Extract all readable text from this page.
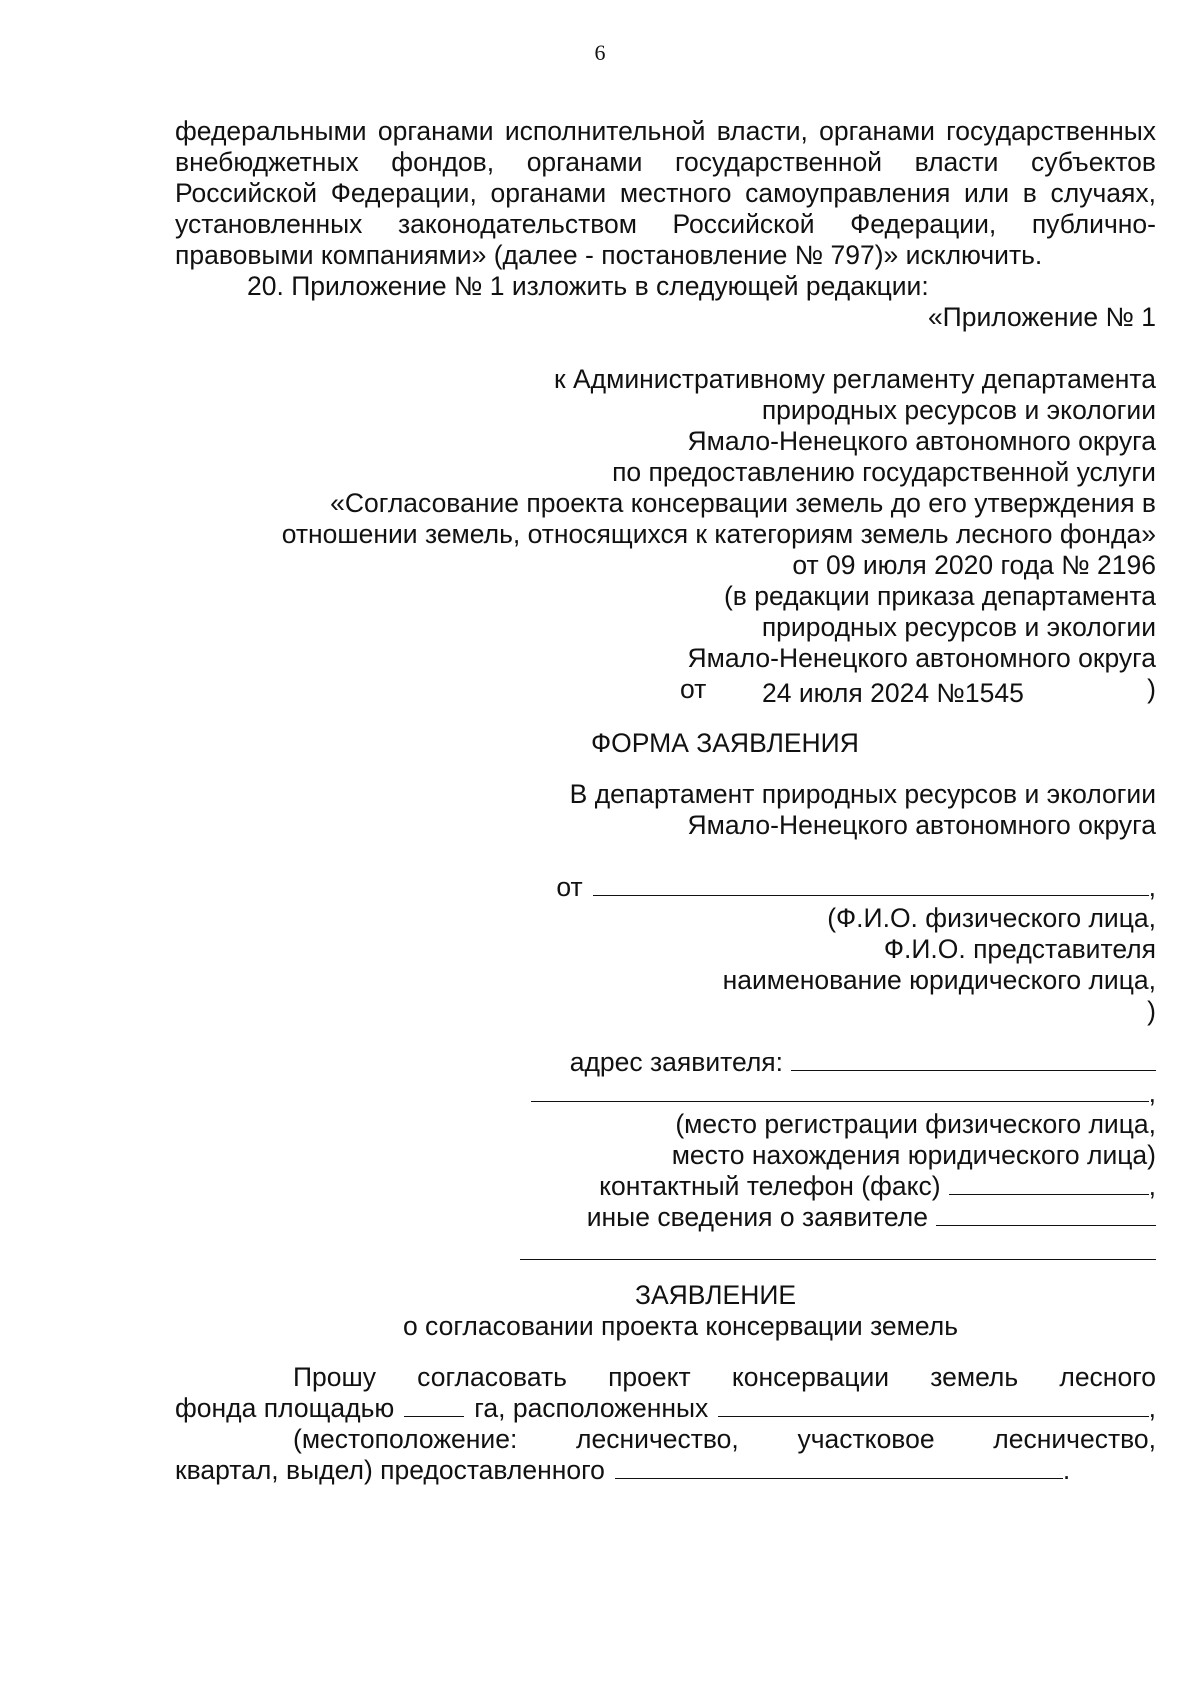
6

федеральными органами исполнительной власти, органами государственных внебюджетных фондов, органами государственной власти субъектов Российской Федерации, органами местного самоуправления или в случаях, установленных законодательством Российской Федерации, публично-правовыми компаниями» (далее - постановление № 797)» исключить.

20. Приложение № 1 изложить в следующей редакции:

«Приложение № 1

к Административному регламенту департамента

природных ресурсов и экологии

Ямало-Ненецкого автономного округа

по предоставлению государственной услуги

«Согласование проекта консервации земель до его утверждения в

отношении земель, относящихся к категориям земель лесного фонда»

от 09 июля 2020 года № 2196

(в редакции приказа департамента

природных ресурсов и экологии

Ямало-Ненецкого автономного округа

от 24 июля 2024 №1545	)

ФОРМА ЗАЯВЛЕНИЯ

В департамент природных ресурсов и экологии

Ямало-Ненецкого автономного округа

от	,

(Ф.И.О. физического лица,

Ф.И.О. представителя

наименование юридического лица,

)

адрес заявителя:
,

(место регистрации физического лица,

место нахождения юридического лица)

контактный телефон (факс)	,
иные сведения о заявителе

ЗАЯВЛЕНИЕ

о согласовании проекта консервации земель

Прошу согласовать проект консервации земель лесного

фонда площадью	га, расположенных	,

(местоположение: лесничество, участковое лесничество,

квартал, выдел) предоставленного	.
